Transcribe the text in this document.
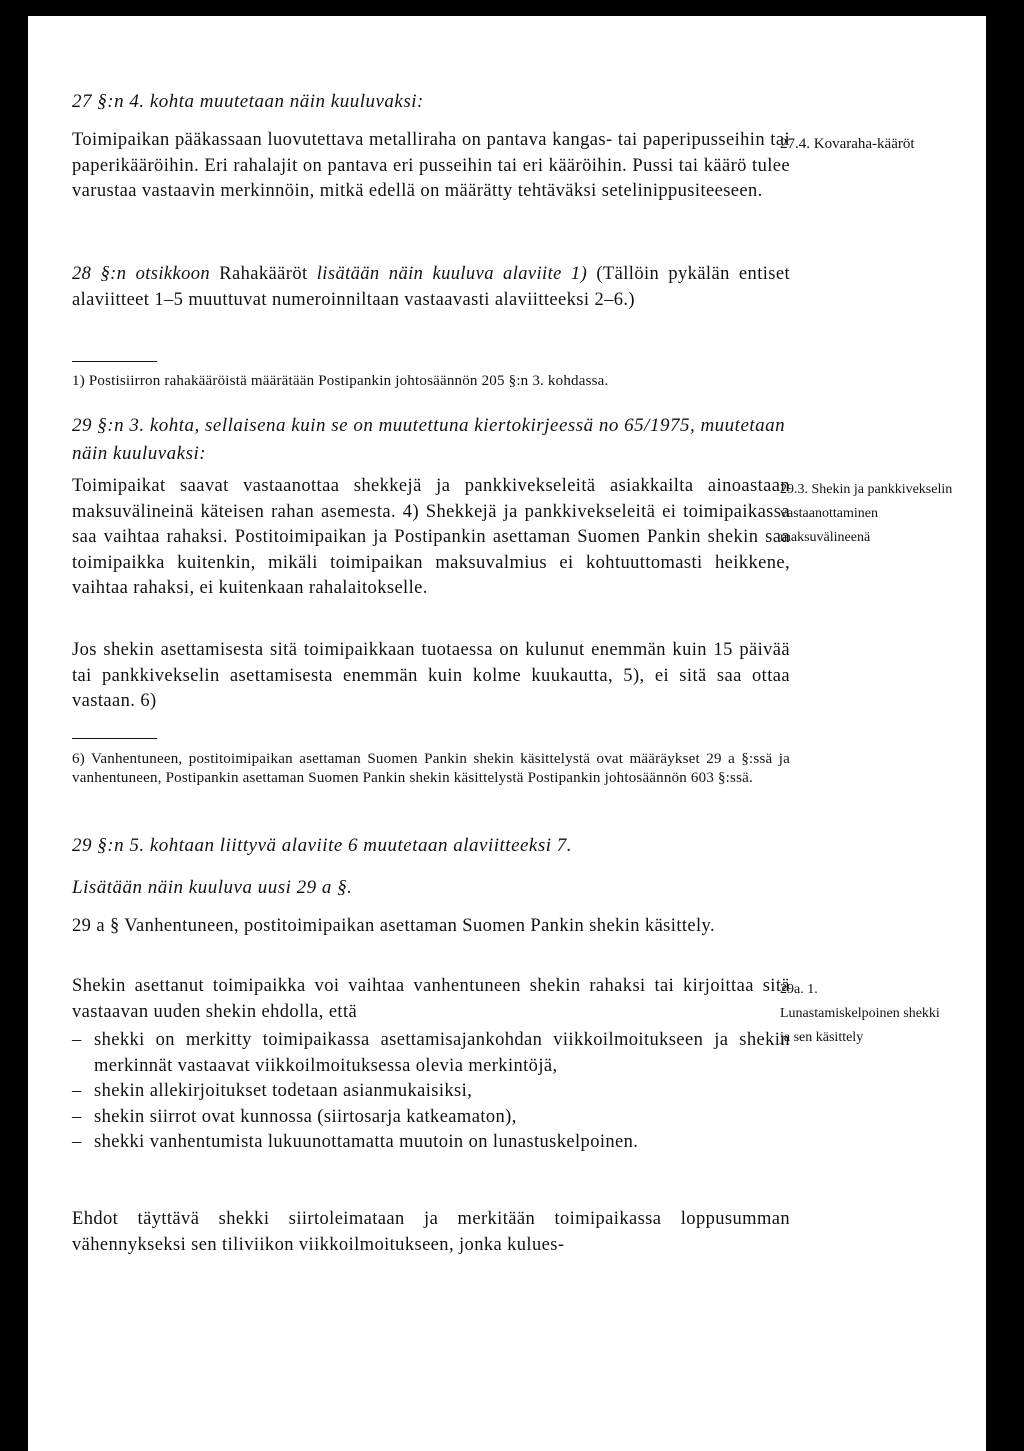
27 §:n 4. kohta muutetaan näin kuuluvaksi:

Toimipaikan pääkassaan luovutettava metalliraha on pantava kangas- tai paperipusseihin tai paperikääröihin. Eri rahalajit on pantava eri pusseihin tai eri kääröihin. Pussi tai käärö tulee varustaa vastaavin merkinnöin, mitkä edellä on määrätty tehtäväksi setelinippusiteeseen.

27.4. Kovaraha-kääröt

28 §:n otsikkoon Rahakääröt lisätään näin kuuluva alaviite 1) (Tällöin pykälän entiset alaviitteet 1–5 muuttuvat numeroinniltaan vastaavasti alaviitteeksi 2–6.)

1) Postisiirron rahakääröistä määrätään Postipankin johtosäännön 205 §:n 3. kohdassa.

29 §:n 3. kohta, sellaisena kuin se on muutettuna kiertokirjeessä no 65/1975, muutetaan näin kuuluvaksi:

Toimipaikat saavat vastaanottaa shekkejä ja pankkivekseleitä asiakkailta ainoastaan maksuvälineinä käteisen rahan asemesta. 4) Shekkejä ja pankkivekseleitä ei toimipaikassa saa vaihtaa rahaksi. Postitoimipaikan ja Postipankin asettaman Suomen Pankin shekin saa toimipaikka kuitenkin, mikäli toimipaikan maksuvalmius ei kohtuuttomasti heikkene, vaihtaa rahaksi, ei kuitenkaan rahalaitokselle.

29.3. Shekin ja pankkivekselin vastaanottaminen maksuvälineenä

Jos shekin asettamisesta sitä toimipaikkaan tuotaessa on kulunut enemmän kuin 15 päivää tai pankkivekselin asettamisesta enemmän kuin kolme kuukautta, 5), ei sitä saa ottaa vastaan. 6)

6) Vanhentuneen, postitoimipaikan asettaman Suomen Pankin shekin käsittelystä ovat määräykset 29 a §:ssä ja vanhentuneen, Postipankin asettaman Suomen Pankin shekin käsittelystä Postipankin johtosäännön 603 §:ssä.

29 §:n 5. kohtaan liittyvä alaviite 6 muutetaan alaviitteeksi 7.

Lisätään näin kuuluva uusi 29 a §.

29 a § Vanhentuneen, postitoimipaikan asettaman Suomen Pankin shekin käsittely.

Shekin asettanut toimipaikka voi vaihtaa vanhentuneen shekin rahaksi tai kirjoittaa sitä vastaavan uuden shekin ehdolla, että

29a. 1. Lunastamiskelpoinen shekki ja sen käsittely
– shekki on merkitty toimipaikassa asettamisajankohdan viikkoilmoitukseen ja shekin merkinnät vastaavat viikkoilmoituksessa olevia merkintöjä,
– shekin allekirjoitukset todetaan asianmukaisiksi,
– shekin siirrot ovat kunnossa (siirtosarja katkeamaton),
– shekki vanhentumista lukuunottamatta muutoin on lunastuskelpoinen.

Ehdot täyttävä shekki siirtoleimataan ja merkitään toimipaikassa loppusumman vähennykseksi sen tiliviikon viikkoilmoitukseen, jonka kulues-
